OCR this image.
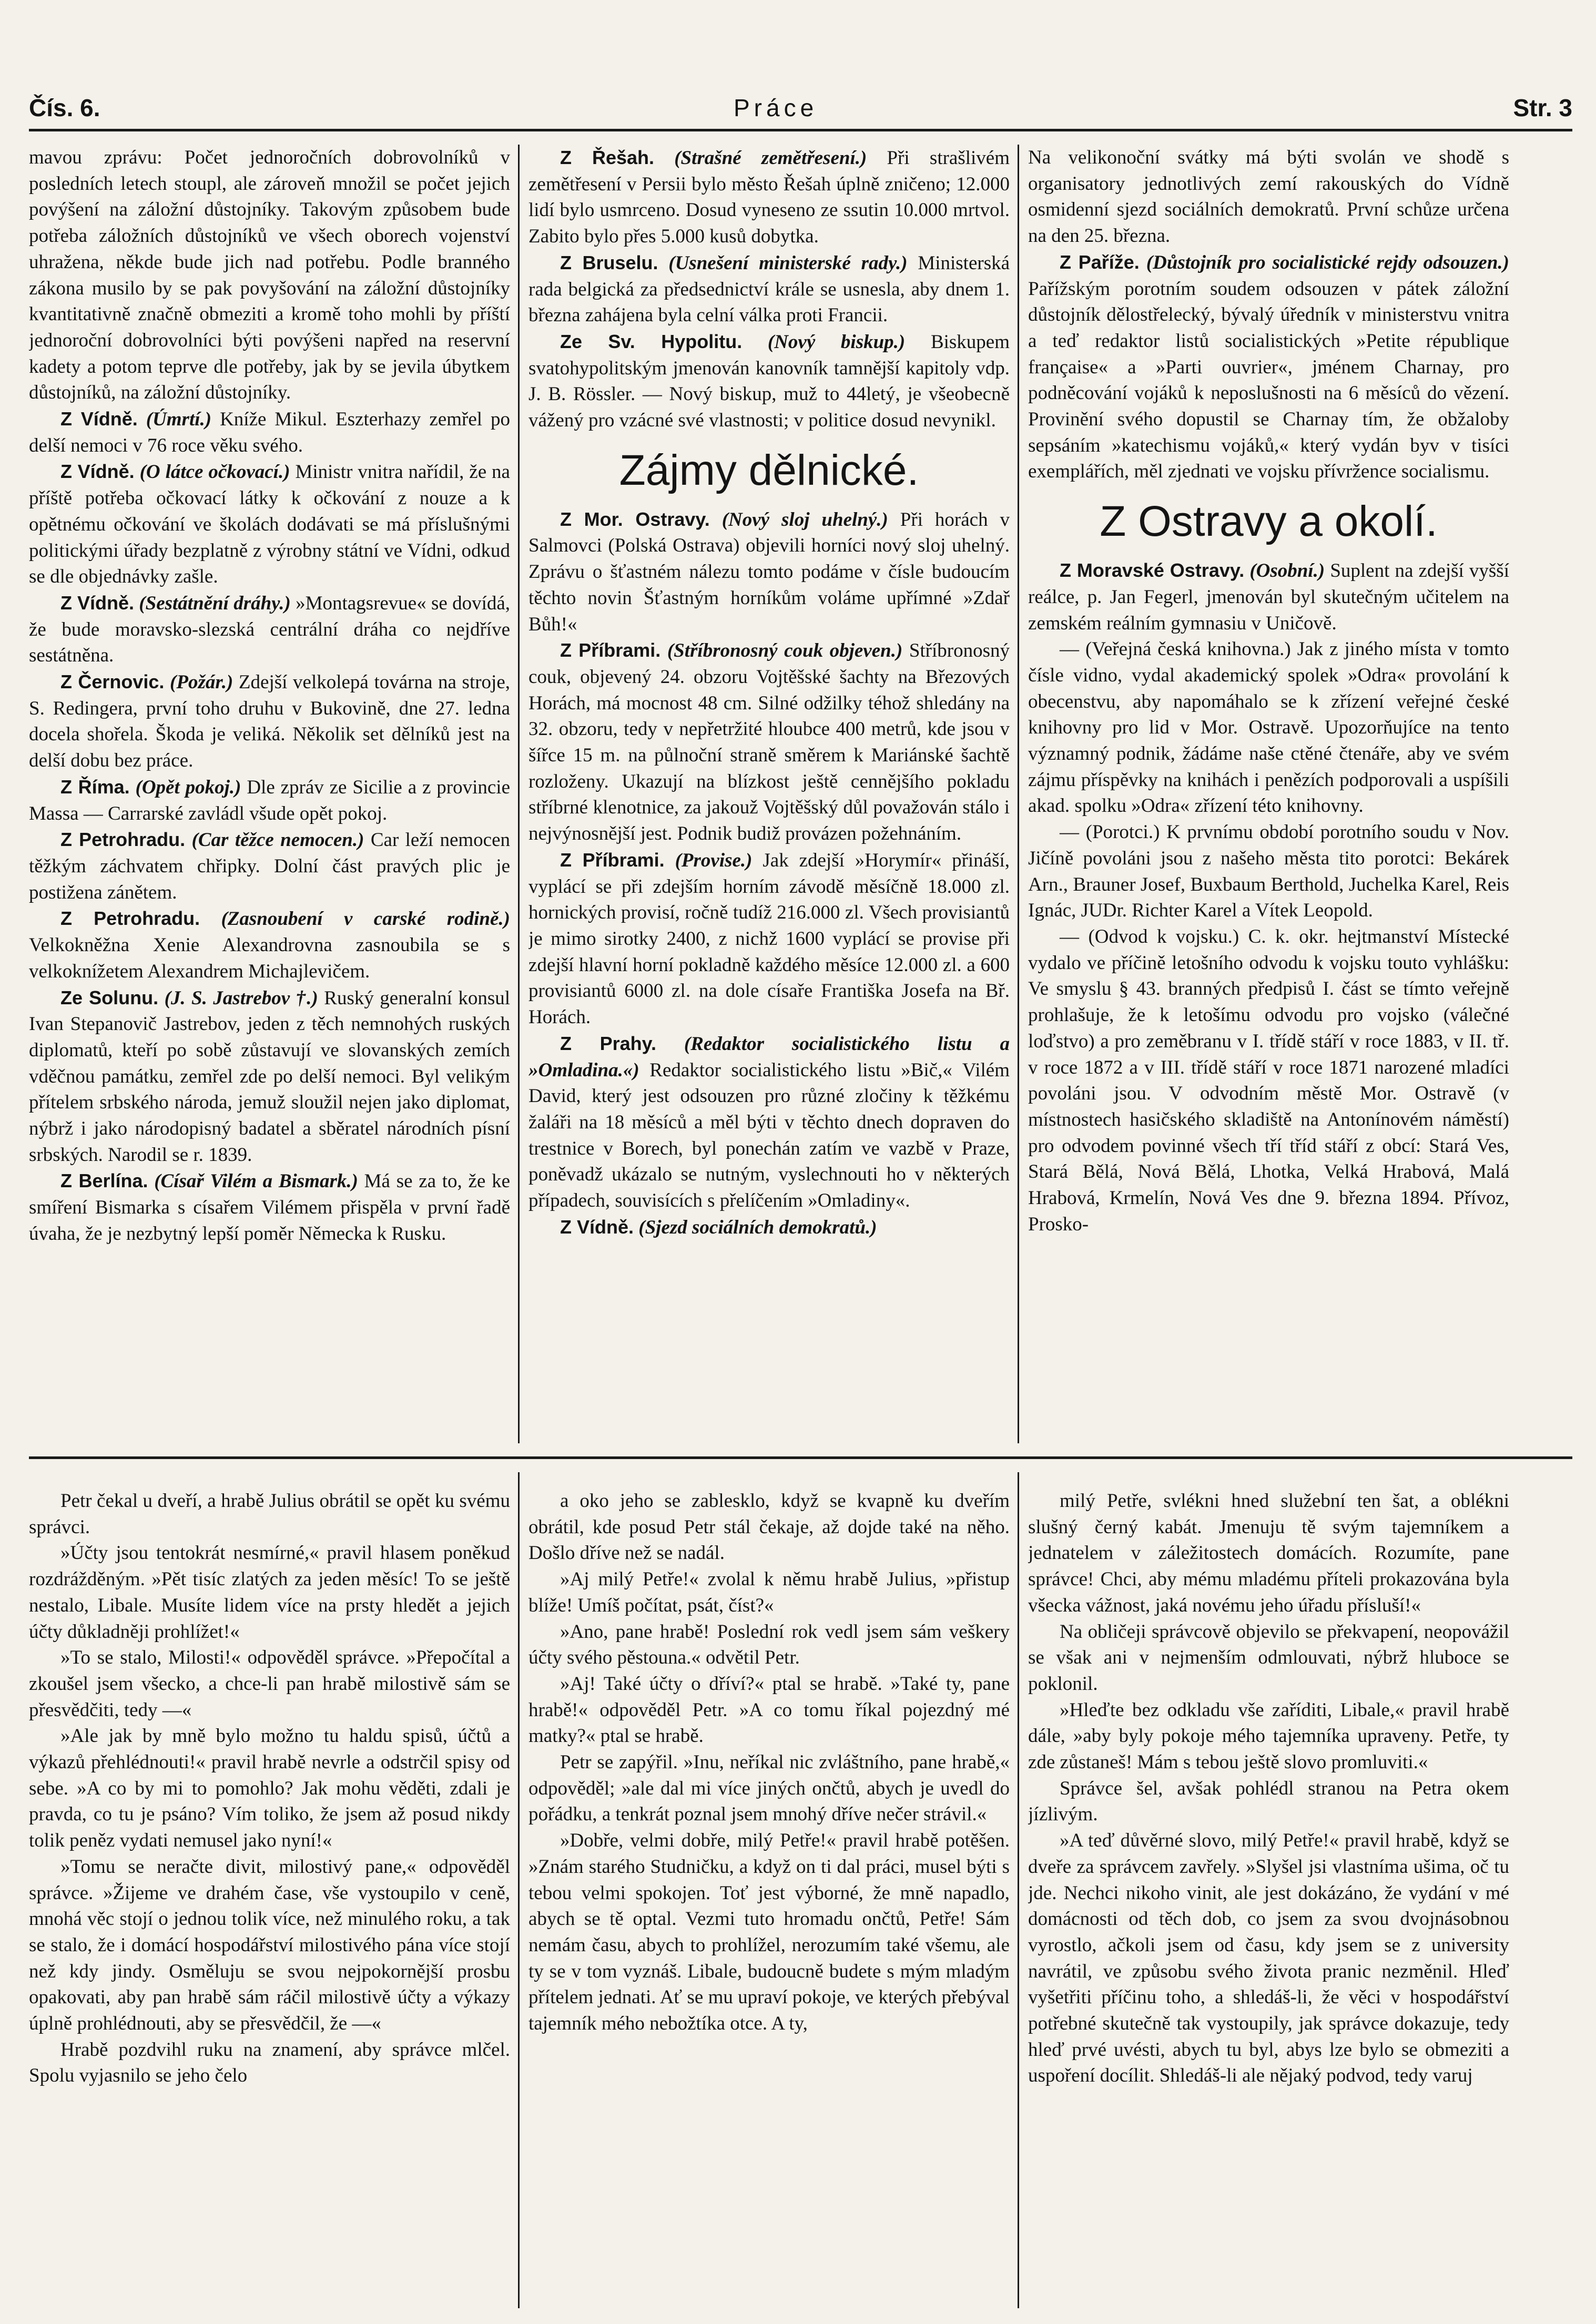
Čís. 6.	Práce	Str. 3

mavou zprávu: Počet jednoročních dobrovolníků v posledních letech stoupl, ale zároveň množil se počet jejich povýšení na záložní důstojníky. Takovým způsobem bude potřeba záložních důstojníků ve všech oborech vojenství uhražena, někde bude jich nad potřebu. Podle branného zákona musilo by se pak povyšování na záložní důstojníky kvantitativně značně obmeziti a kromě toho mohli by příští jednoroční dobrovolníci býti povýšeni napřed na reservní kadety a potom teprve dle potřeby, jak by se jevila úbytkem důstojníků, na záložní důstojníky.

Z Vídně. (Úmrtí.) Kníže Mikul. Eszterhazy zemřel po delší nemoci v 76 roce věku svého.

Z Vídně. (O látce očkovací.) Ministr vnitra nařídil, že na příště potřeba očkovací látky k očkování z nouze a k opětnému očkování ve školách dodávati se má příslušnými politickými úřady bezplatně z výrobny státní ve Vídni, odkud se dle objednávky zašle.

Z Vídně. (Sestátnění dráhy.) »Montagsrevue« se dovídá, že bude moravsko-slezská centrální dráha co nejdříve sestátněna.

Z Černovic. (Požár.) Zdejší velkolepá továrna na stroje, S. Redingera, první toho druhu v Bukovině, dne 27. ledna docela shořela. Škoda je veliká. Několik set dělníků jest na delší dobu bez práce.

Z Říma. (Opět pokoj.) Dle zpráv ze Sicilie a z provincie Massa — Carrarské zavládl všude opět pokoj.

Z Petrohradu. (Car těžce nemocen.) Car leží nemocen těžkým záchvatem chřipky. Dolní část pravých plic je postižena zánětem.

Z Petrohradu. (Zasnoubení v carské rodině.) Velkokněžna Xenie Alexandrovna zasnoubila se s velkoknížetem Alexandrem Michajlevičem.

Ze Solunu. (J. S. Jastrebov †.) Ruský generalní konsul Ivan Stepanovič Jastrebov, jeden z těch nemnohých ruských diplomatů, kteří po sobě zůstavují ve slovanských zemích vděčnou památku, zemřel zde po delší nemoci. Byl velikým přítelem srbského národa, jemuž sloužil nejen jako diplomat, nýbrž i jako národopisný badatel a sběratel národních písní srbských. Narodil se r. 1839.

Z Berlína. (Císař Vilém a Bismark.) Má se za to, že ke smíření Bismarka s císařem Vilémem přispěla v první řadě úvaha, že je nezbytný lepší poměr Německa k Rusku.

Z Řešah. (Strašné zemětřesení.) Při strašlivém zemětřesení v Persii bylo město Řešah úplně zničeno; 12.000 lidí bylo usmrceno. Dosud vyneseno ze ssutin 10.000 mrtvol. Zabito bylo přes 5.000 kusů dobytka.

Z Bruselu. (Usnešení ministerské rady.) Ministerská rada belgická za předsednictví krále se usnesla, aby dnem 1. března zahájena byla celní válka proti Francii.

Ze Sv. Hypolitu. (Nový biskup.) Biskupem svatohypolitským jmenován kanovník tamnější kapitoly vdp. J. B. Rössler. — Nový biskup, muž to 44letý, je všeobecně vážený pro vzácné své vlastnosti; v politice dosud nevynikl.

Zájmy dělnické.

Z Mor. Ostravy. (Nový sloj uhelný.) Při horách v Salmovci (Polská Ostrava) objevili horníci nový sloj uhelný. Zprávu o šťastném nálezu tomto podáme v čísle budoucím těchto novin Šťastným horníkům voláme upřímné »Zdař Bůh!«

Z Příbrami. (Stříbronosný couk objeven.) Stříbronosný couk, objevený 24. obzoru Vojtěšské šachty na Březových Horách, má mocnost 48 cm. Silné odžilky téhož shledány na 32. obzoru, tedy v nepřetržité hloubce 400 metrů, kde jsou v šířce 15 m. na půlnoční straně směrem k Mariánské šachtě rozloženy. Ukazují na blízkost ještě cennějšího pokladu stříbrné klenotnice, za jakouž Vojtěšský důl považován stálo i nejvýnosnější jest. Podnik budiž provázen požehnáním.

Z Příbrami. (Provise.) Jak zdejší »Horymír« přináší, vyplácí se při zdejším horním závodě měsíčně 18.000 zl. hornických provisí, ročně tudíž 216.000 zl. Všech provisiantů je mimo sirotky 2400, z nichž 1600 vyplácí se provise při zdejší hlavní horní pokladně každého měsíce 12.000 zl. a 600 provisiantů 6000 zl. na dole císaře Františka Josefa na Bř. Horách.

Z Prahy. (Redaktor socialistického listu a »Omladina.«) Redaktor socialistického listu »Bič,« Vilém David, který jest odsouzen pro různé zločiny k těžkému žaláři na 18 měsíců a měl býti v těchto dnech dopraven do trestnice v Borech, byl ponechán zatím ve vazbě v Praze, poněvadž ukázalo se nutným, vyslechnouti ho v některých případech, souvisících s přelíčením »Omladiny«.

Z Vídně. (Sjezd sociálních demokratů.)

Na velikonoční svátky má býti svolán ve shodě s organisatory jednotlivých zemí rakouských do Vídně osmidenní sjezd sociálních demokratů. První schůze určena na den 25. března.

Z Paříže. (Důstojník pro socialistické rejdy odsouzen.) Pařížským porotním soudem odsouzen v pátek záložní důstojník dělostřelecký, bývalý úředník v ministerstvu vnitra a teď redaktor listů socialistických »Petite république française« a »Parti ouvrier«, jménem Charnay, pro podněcování vojáků k neposlušnosti na 6 měsíců do vězení. Provinění svého dopustil se Charnay tím, že obžaloby sepsáním »katechismu vojáků,« který vydán byv v tisíci exemplářích, měl zjednati ve vojsku přívržence socialismu.

Z Ostravy a okolí.

Z Moravské Ostravy. (Osobní.) Suplent na zdejší vyšší reálce, p. Jan Fegerl, jmenován byl skutečným učitelem na zemském reálním gymnasiu v Uničově.

— (Veřejná česká knihovna.) Jak z jiného místa v tomto čísle vidno, vydal akademický spolek »Odra« provolání k obecenstvu, aby napomáhalo se k zřízení veřejné české knihovny pro lid v Mor. Ostravě. Upozorňujíce na tento významný podnik, žádáme naše ctěné čtenáře, aby ve svém zájmu příspěvky na knihách i penězích podporovali a uspíšili akad. spolku »Odra« zřízení této knihovny.

— (Porotci.) K prvnímu období porotního soudu v Nov. Jičíně povoláni jsou z našeho města tito porotci: Bekárek Arn., Brauner Josef, Buxbaum Berthold, Juchelka Karel, Reis Ignác, JUDr. Richter Karel a Vítek Leopold.

— (Odvod k vojsku.) C. k. okr. hejtmanství Místecké vydalo ve příčině letošního odvodu k vojsku touto vyhlášku: Ve smyslu § 43. branných předpisů I. část se tímto veřejně prohlašuje, že k letošímu odvodu pro vojsko (válečné loďstvo) a pro zeměbranu v I. třídě stáří v roce 1883, v II. tř. v roce 1872 a v III. třídě stáří v roce 1871 narozené mladíci povoláni jsou. V odvodním městě Mor. Ostravě (v místnostech hasičského skladiště na Antonínovém náměstí) pro odvodem povinné všech tří tříd stáří z obcí: Stará Ves, Stará Bělá, Nová Bělá, Lhotka, Velká Hrabová, Malá Hrabová, Krmelín, Nová Ves dne 9. března 1894. Přívoz, Prosko-

Petr čekal u dveří, a hrabě Julius obrátil se opět ku svému správci.

»Účty jsou tentokrát nesmírné,« pravil hlasem poněkud rozdrážděným. »Pět tisíc zlatých za jeden měsíc! To se ještě nestalo, Libale. Musíte lidem více na prsty hledět a jejich účty důkladněji prohlížet!«

»To se stalo, Milosti!« odpověděl správce. »Přepočítal a zkoušel jsem všecko, a chce-li pan hrabě milostivě sám se přesvědčiti, tedy —«

»Ale jak by mně bylo možno tu haldu spisů, účtů a výkazů přehlédnouti!« pravil hrabě nevrle a odstrčil spisy od sebe. »A co by mi to pomohlo? Jak mohu věděti, zdali je pravda, co tu je psáno? Vím toliko, že jsem až posud nikdy tolik peněz vydati nemusel jako nyní!«

»Tomu se neračte divit, milostivý pane,« odpověděl správce. »Žijeme ve drahém čase, vše vystoupilo v ceně, mnohá věc stojí o jednou tolik více, než minulého roku, a tak se stalo, že i domácí hospodářství milostivého pána více stojí než kdy jindy. Osměluju se svou nejpokornější prosbu opakovati, aby pan hrabě sám ráčil milostivě účty a výkazy úplně prohlédnouti, aby se přesvědčil, že —«

Hrabě pozdvihl ruku na znamení, aby správce mlčel. Spolu vyjasnilo se jeho čelo

a oko jeho se zablesklo, když se kvapně ku dveřím obrátil, kde posud Petr stál čekaje, až dojde také na něho. Došlo dříve než se nadál.

»Aj milý Petře!« zvolal k němu hrabě Julius, »přistup blíže! Umíš počítat, psát, číst?«

»Ano, pane hrabě! Poslední rok vedl jsem sám veškery účty svého pěstouna.« odvětil Petr.

»Aj! Také účty o dříví?« ptal se hrabě. »Také ty, pane hrabě!« odpověděl Petr. »A co tomu říkal pojezdný mé matky?« ptal se hrabě.

Petr se zapýřil. »Inu, neříkal nic zvláštního, pane hrabě,« odpověděl; »ale dal mi více jiných ončtů, abych je uvedl do pořádku, a tenkrát poznal jsem mnohý dříve nečer strávil.«

»Dobře, velmi dobře, milý Petře!« pravil hrabě potěšen. »Znám starého Studničku, a když on ti dal práci, musel býti s tebou velmi spokojen. Toť jest výborné, že mně napadlo, abych se tě optal. Vezmi tuto hromadu ončtů, Petře! Sám nemám času, abych to prohlížel, nerozumím také všemu, ale ty se v tom vyznáš. Libale, budoucně budete s mým mladým přítelem jednati. Ať se mu upraví pokoje, ve kterých přebýval tajemník mého nebožtíka otce. A ty,

milý Petře, svlékni hned služební ten šat, a oblékni slušný černý kabát. Jmenuju tě svým tajemníkem a jednatelem v záležitostech domácích. Rozumíte, pane správce! Chci, aby mému mladému příteli prokazována byla všecka vážnost, jaká novému jeho úřadu přísluší!«

Na obličeji správcově objevilo se překvapení, neopovážil se však ani v nejmenším odmlouvati, nýbrž hluboce se poklonil.

»Hleďte bez odkladu vše zaříditi, Libale,« pravil hrabě dále, »aby byly pokoje mého tajemníka upraveny. Petře, ty zde zůstaneš! Mám s tebou ještě slovo promluviti.«

Správce šel, avšak pohlédl stranou na Petra okem jízlivým.

»A teď důvěrné slovo, milý Petře!« pravil hrabě, když se dveře za správcem zavřely. »Slyšel jsi vlastníma ušima, oč tu jde. Nechci nikoho vinit, ale jest dokázáno, že vydání v mé domácnosti od těch dob, co jsem za svou dvojnásobnou vyrostlo, ačkoli jsem od času, kdy jsem se z university navrátil, ve způsobu svého života pranic nezměnil. Hleď vyšetřiti příčinu toho, a shledáš-li, že věci v hospodářství potřebné skutečně tak vystoupily, jak správce dokazuje, tedy hleď prvé uvésti, abych tu byl, abys lze bylo se obmeziti a uspoření docílit. Shledáš-li ale nějaký podvod, tedy varuj
